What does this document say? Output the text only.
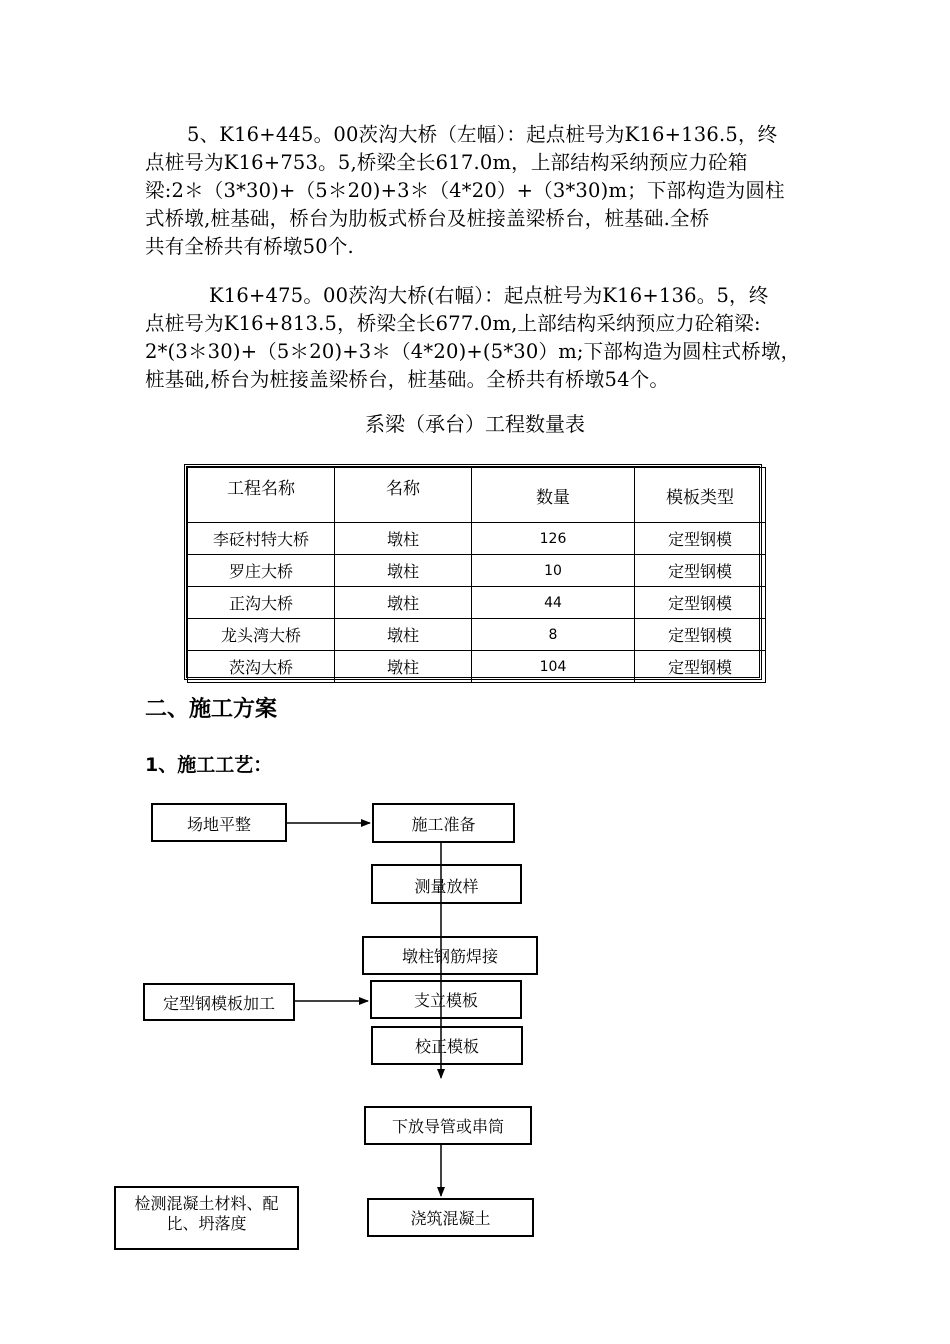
5、K16+445。00茨沟大桥（左幅）：起点桩号为K16+136.5，终
点桩号为K16+753。5,桥梁全长617.0m，上部结构采纳预应力砼箱
梁:2＊（3*30)+（5＊20)+3＊（4*20）+（3*30)m；下部构造为圆柱
式桥墩,桩基础，桥台为肋板式桥台及桩接盖梁桥台，桩基础.全桥
共有全桥共有桥墩50个.
K16+475。00茨沟大桥(右幅）：起点桩号为K16+136。5，终
点桩号为K16+813.5，桥梁全长677.0m,上部结构采纳预应力砼箱梁:
2*(3＊30)+（5＊20)+3＊（4*20)+(5*30）m;下部构造为圆柱式桥墩，
桩基础,桥台为桩接盖梁桥台，桩基础。全桥共有桥墩54个。
系梁（承台）工程数量表
工程名称	名称	数量	模板类型
李砭村特大桥	墩柱	126	定型钢模
罗庄大桥	墩柱	10	定型钢模
正沟大桥	墩柱	44	定型钢模
龙头湾大桥	墩柱	8	定型钢模
茨沟大桥	墩柱	104	定型钢模
二、施工方案
1、施工工艺：
场地平整	施工准备
测量放样
墩柱钢筋焊接
定型钢模板加工	支立模板
校正模板
下放导管或串筒
检测混凝土材料、配
比、坍落度	浇筑混凝土
